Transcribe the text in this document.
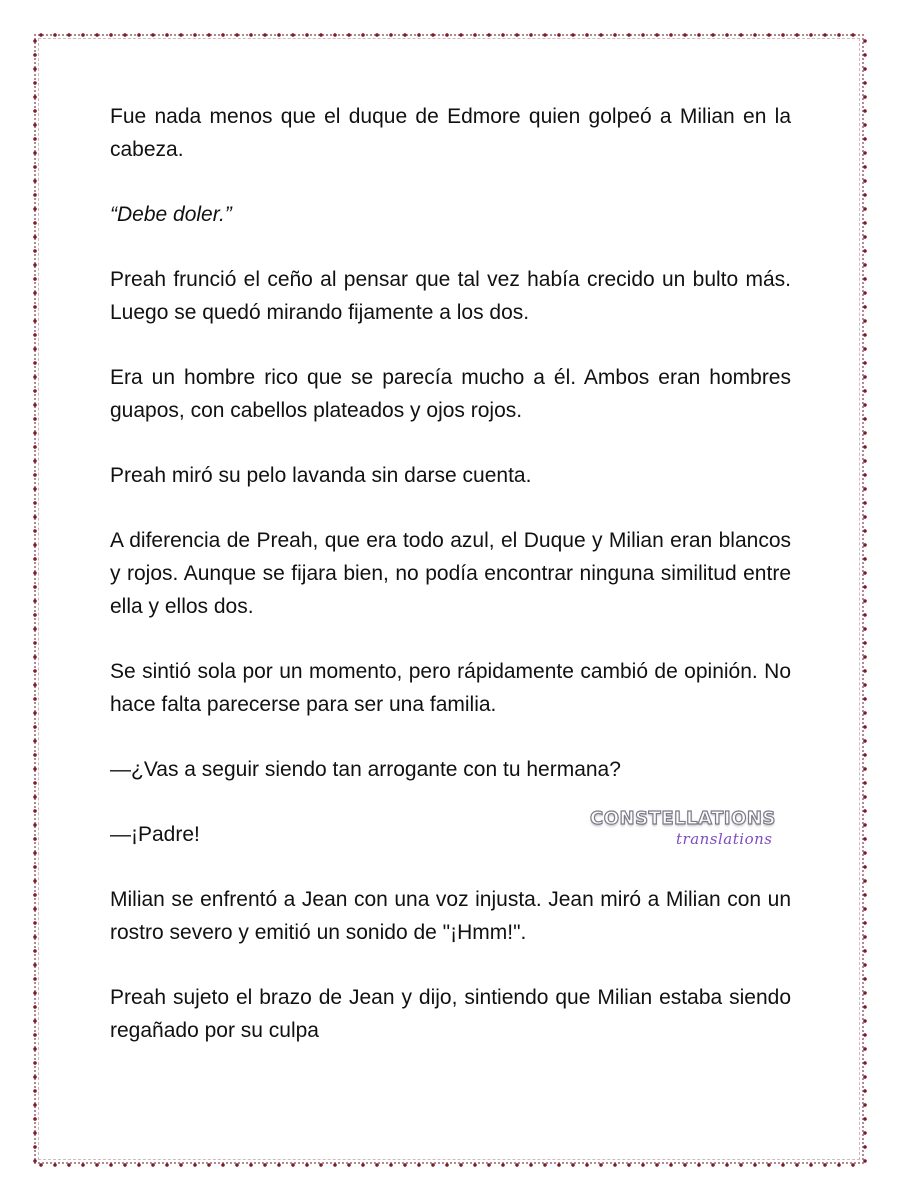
Fue nada menos que el duque de Edmore quien golpeó a Milian en la cabeza.

“Debe doler.”

Preah frunció el ceño al pensar que tal vez había crecido un bulto más. Luego se quedó mirando fijamente a los dos.

Era un hombre rico que se parecía mucho a él. Ambos eran hombres guapos, con cabellos plateados y ojos rojos.

Preah miró su pelo lavanda sin darse cuenta.

A diferencia de Preah, que era todo azul, el Duque y Milian eran blancos y rojos. Aunque se fijara bien, no podía encontrar ninguna similitud entre ella y ellos dos.

Se sintió sola por un momento, pero rápidamente cambió de opinión. No hace falta parecerse para ser una familia.

—¿Vas a seguir siendo tan arrogante con tu hermana?

—¡Padre!

Milian se enfrentó a Jean con una voz injusta. Jean miró a Milian con un rostro severo y emitió un sonido de "¡Hmm!".

Preah sujeto el brazo de Jean y dijo, sintiendo que Milian estaba siendo regañado por su culpa

CONSTELLATIONS
translations
